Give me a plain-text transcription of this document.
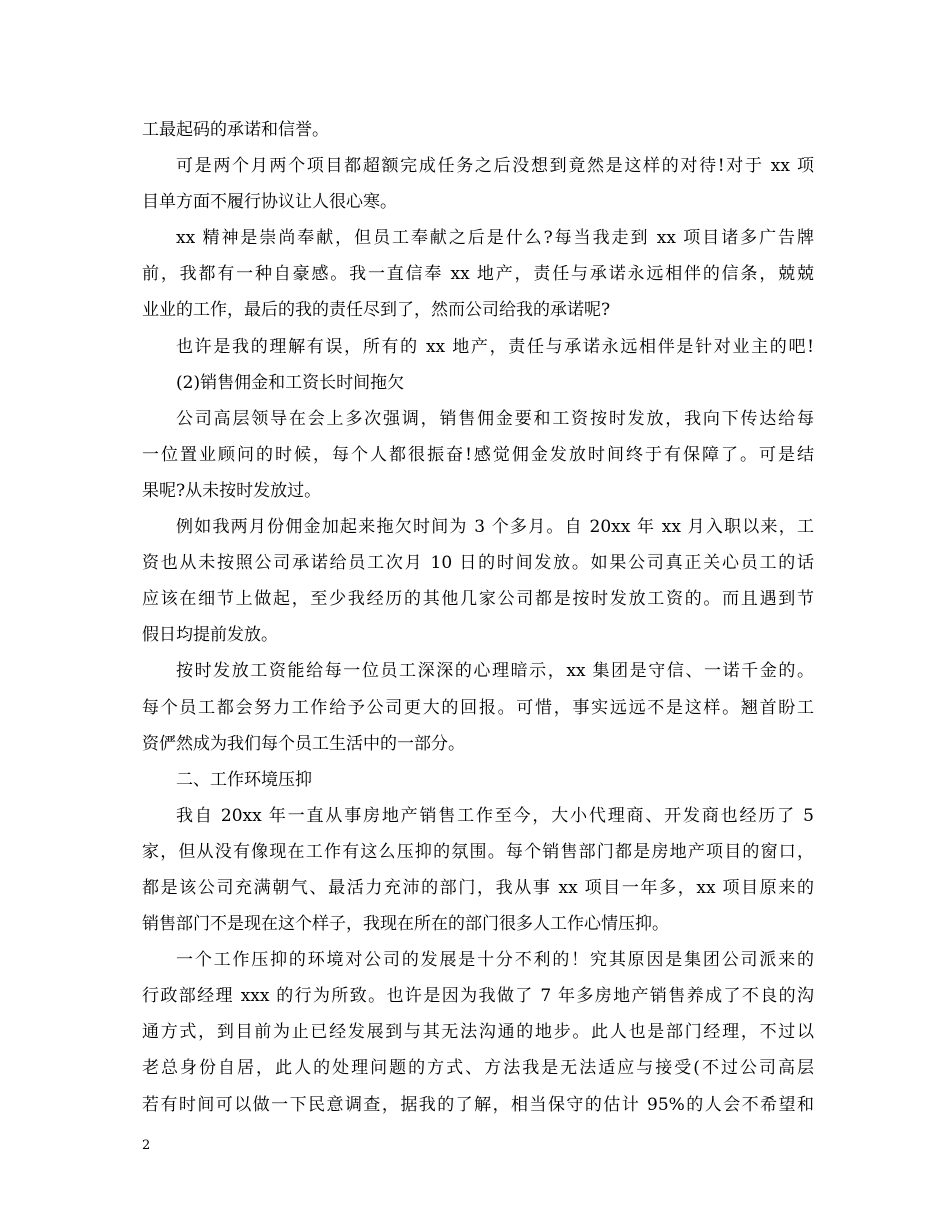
工最起码的承诺和信誉。
可是两个月两个项目都超额完成任务之后没想到竟然是这样的对待!对于 xx 项
目单方面不履行协议让人很心寒。
xx 精神是崇尚奉献，但员工奉献之后是什么?每当我走到 xx 项目诸多广告牌
前，我都有一种自豪感。我一直信奉 xx 地产，责任与承诺永远相伴的信条，兢兢
业业的工作，最后的我的责任尽到了，然而公司给我的承诺呢?
也许是我的理解有误，所有的 xx 地产，责任与承诺永远相伴是针对业主的吧!
(2)销售佣金和工资长时间拖欠
公司高层领导在会上多次强调，销售佣金要和工资按时发放，我向下传达给每
一位置业顾问的时候，每个人都很振奋!感觉佣金发放时间终于有保障了。可是结
果呢?从未按时发放过。
例如我两月份佣金加起来拖欠时间为 3 个多月。自 20xx 年 xx 月入职以来，工
资也从未按照公司承诺给员工次月 10 日的时间发放。如果公司真正关心员工的话
应该在细节上做起，至少我经历的其他几家公司都是按时发放工资的。而且遇到节
假日均提前发放。
按时发放工资能给每一位员工深深的心理暗示，xx 集团是守信、一诺千金的。
每个员工都会努力工作给予公司更大的回报。可惜，事实远远不是这样。翘首盼工
资俨然成为我们每个员工生活中的一部分。
二、工作环境压抑
我自 20xx 年一直从事房地产销售工作至今，大小代理商、开发商也经历了 5
家，但从没有像现在工作有这么压抑的氛围。每个销售部门都是房地产项目的窗口，
都是该公司充满朝气、最活力充沛的部门，我从事 xx 项目一年多，xx 项目原来的
销售部门不是现在这个样子，我现在所在的部门很多人工作心情压抑。
一个工作压抑的环境对公司的发展是十分不利的！究其原因是集团公司派来的
行政部经理 xxx 的行为所致。也许是因为我做了 7 年多房地产销售养成了不良的沟
通方式，到目前为止已经发展到与其无法沟通的地步。此人也是部门经理，不过以
老总身份自居，此人的处理问题的方式、方法我是无法适应与接受(不过公司高层
若有时间可以做一下民意调查，据我的了解，相当保守的估计 95%的人会不希望和
2
